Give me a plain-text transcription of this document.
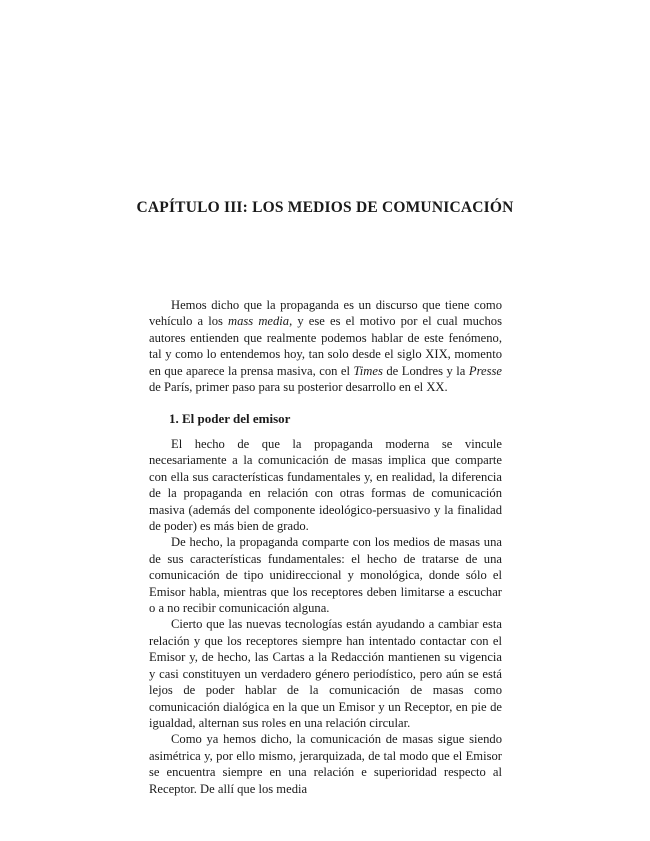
CAPÍTULO III: LOS MEDIOS DE COMUNICACIÓN

Hemos dicho que la propaganda es un discurso que tiene como vehículo a los mass media, y ese es el motivo por el cual muchos autores entienden que realmente podemos hablar de este fenómeno, tal y como lo entendemos hoy, tan solo desde el siglo XIX, momento en que aparece la prensa masiva, con el Times de Londres y la Presse de París, primer paso para su posterior desarrollo en el XX.

1. El poder del emisor

El hecho de que la propaganda moderna se vincule necesariamente a la comunicación de masas implica que comparte con ella sus características fundamentales y, en realidad, la diferencia de la propaganda en relación con otras formas de comunicación masiva (además del componente ideológico-persuasivo y la finalidad de poder) es más bien de grado.

De hecho, la propaganda comparte con los medios de masas una de sus características fundamentales: el hecho de tratarse de una comunicación de tipo unidireccional y monológica, donde sólo el Emisor habla, mientras que los receptores deben limitarse a escuchar o a no recibir comunicación alguna.

Cierto que las nuevas tecnologías están ayudando a cambiar esta relación y que los receptores siempre han intentado contactar con el Emisor y, de hecho, las Cartas a la Redacción mantienen su vigencia y casi constituyen un verdadero género periodístico, pero aún se está lejos de poder hablar de la comunicación de masas como comunicación dialógica en la que un Emisor y un Receptor, en pie de igualdad, alternan sus roles en una relación circular.

Como ya hemos dicho, la comunicación de masas sigue siendo asimétrica y, por ello mismo, jerarquizada, de tal modo que el Emisor se encuentra siempre en una relación e superioridad respecto al Receptor. De allí que los media
